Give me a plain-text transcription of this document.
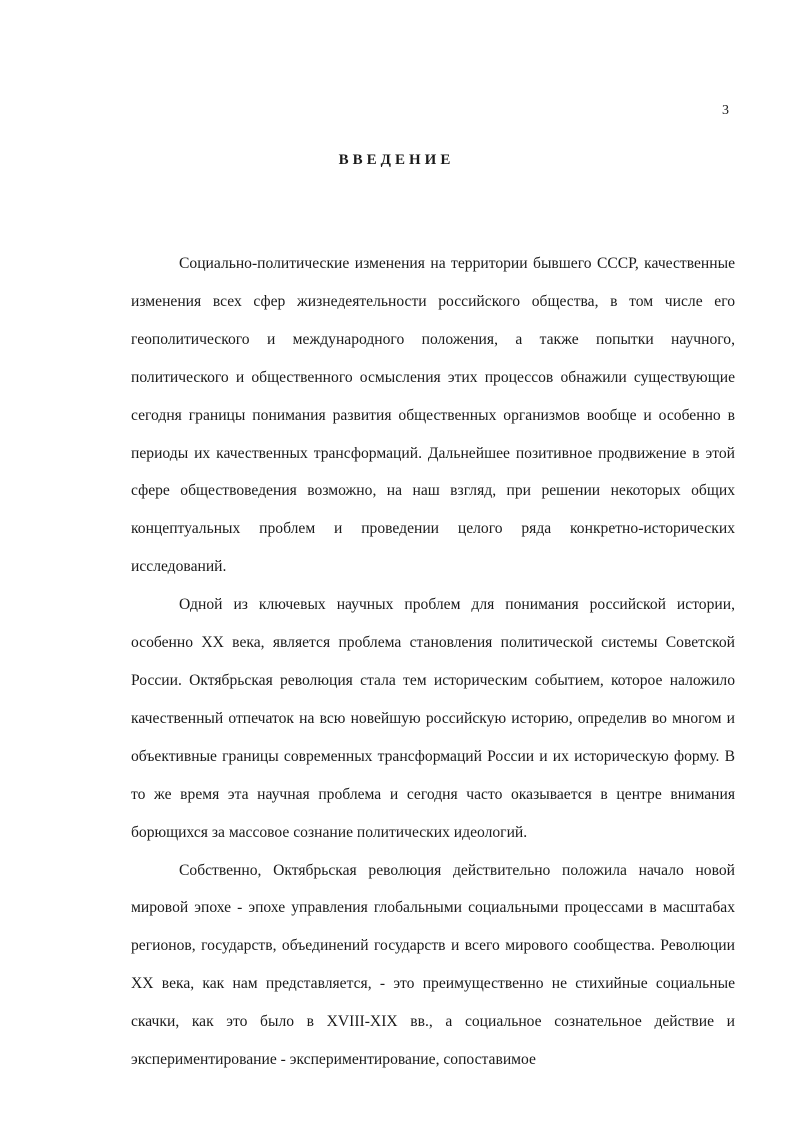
3
ВВЕДЕНИЕ

Социально-политические изменения на территории бывшего СССР, качественные изменения всех сфер жизнедеятельности российского общества, в том числе его геополитического и международного положения, а также попытки научного, политического и общественного осмысления этих процессов обнажили существующие сегодня границы понимания развития общественных организмов вообще и особенно в периоды их качественных трансформаций. Дальнейшее позитивное продвижение в этой сфере обществоведения возможно, на наш взгляд, при решении некоторых общих концептуальных проблем и проведении целого ряда конкретно-исторических исследований.

Одной из ключевых научных проблем для понимания российской истории, особенно XX века, является проблема становления политической системы Советской России. Октябрьская революция стала тем историческим событием, которое наложило качественный отпечаток на всю новейшую российскую историю, определив во многом и объективные границы современных трансформаций России и их историческую форму. В то же время эта научная проблема и сегодня часто оказывается в центре внимания борющихся за массовое сознание политических идеологий.

Собственно, Октябрьская революция действительно положила начало новой мировой эпохе - эпохе управления глобальными социальными процессами в масштабах регионов, государств, объединений государств и всего мирового сообщества. Революции XX века, как нам представляется, - это преимущественно не стихийные социальные скачки, как это было в XVIII-XIX вв., а социальное сознательное действие и экспериментирование - экспериментирование, сопоставимое
